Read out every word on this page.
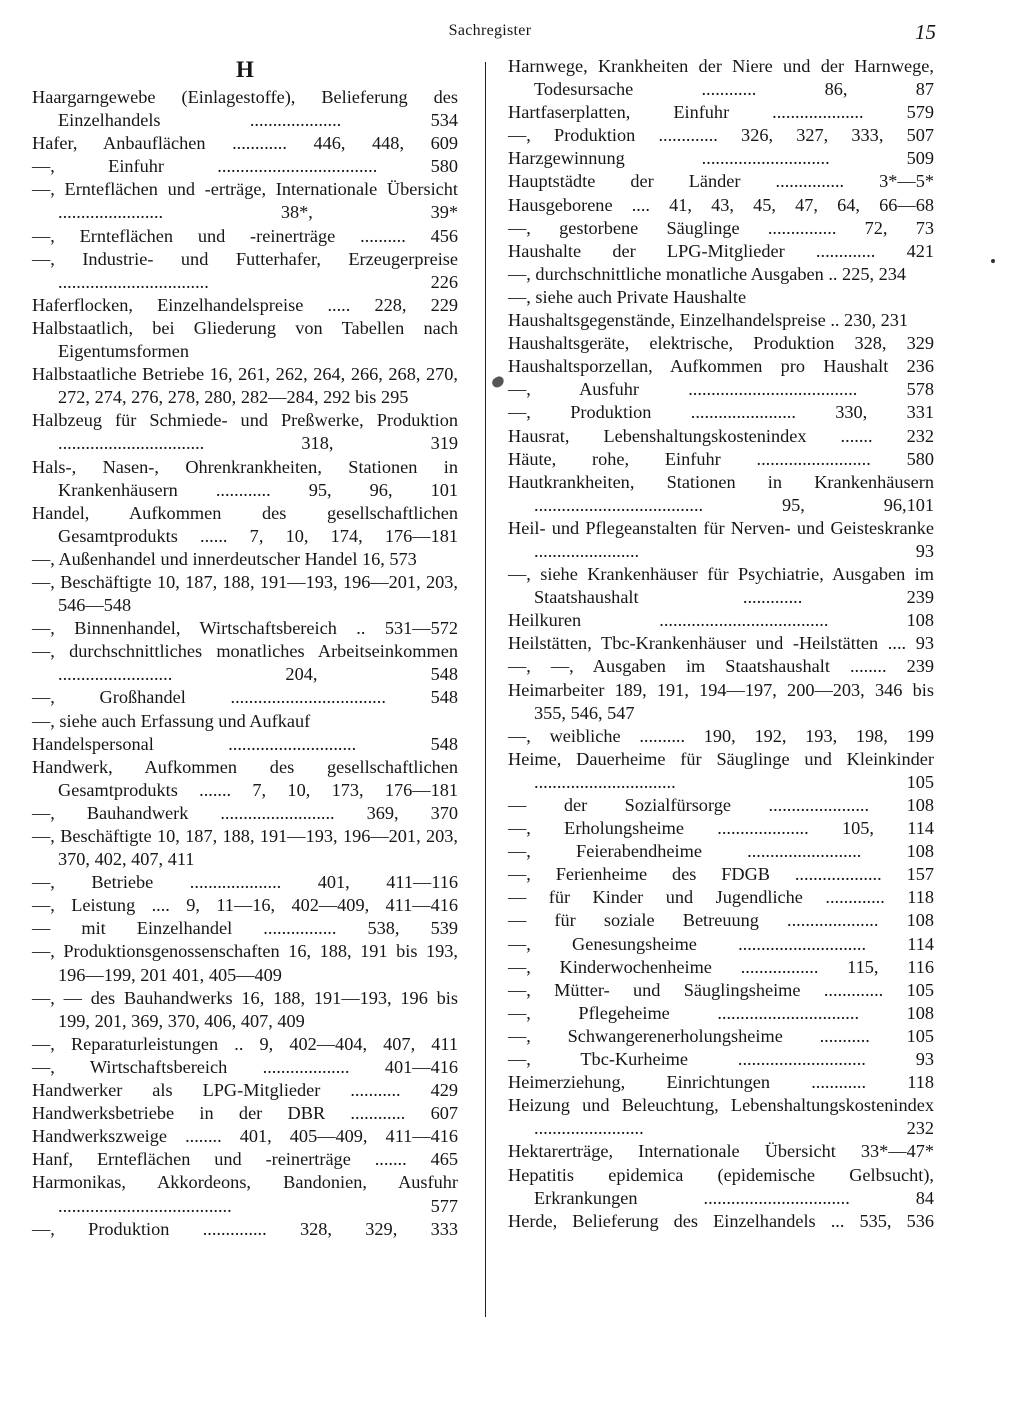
Sachregister	15
H

Haargarngewebe (Einlagestoffe), Belieferung des Einzelhandels .................... 534

Hafer, Anbauflächen ............ 446, 448, 609

—, Einfuhr ................................... 580

—, Ernteflächen und -erträge, Internationale Übersicht ....................... 38*, 39*

—, Ernteflächen und -reinerträge .......... 456

—, Industrie- und Futterhafer, Erzeugerpreise ................................. 226

Haferflocken, Einzelhandelspreise ..... 228, 229

Halbstaatlich, bei Gliederung von Tabellen nach Eigentumsformen

Halbstaatliche Betriebe 16, 261, 262, 264, 266, 268, 270, 272, 274, 276, 278, 280, 282—284, 292 bis 295

Halbzeug für Schmiede- und Preßwerke, Produktion ................................ 318, 319

Hals-, Nasen-, Ohrenkrankheiten, Stationen in Krankenhäusern ............ 95, 96, 101

Handel, Aufkommen des gesellschaftlichen Gesamtprodukts ...... 7, 10, 174, 176—181

—, Außenhandel und innerdeutscher Handel 16, 573

—, Beschäftigte 10, 187, 188, 191—193, 196—201, 203, 546—548

—, Binnenhandel, Wirtschaftsbereich .. 531—572

—, durchschnittliches monatliches Arbeitseinkommen ......................... 204, 548

—, Großhandel .................................. 548

—, siehe auch Erfassung und Aufkauf

Handelspersonal ............................ 548

Handwerk, Aufkommen des gesellschaftlichen Gesamtprodukts ....... 7, 10, 173, 176—181

—, Bauhandwerk ......................... 369, 370

—, Beschäftigte 10, 187, 188, 191—193, 196—201, 203, 370, 402, 407, 411

—, Betriebe .................... 401, 411—116

—, Leistung .... 9, 11—16, 402—409, 411—416

— mit Einzelhandel ................ 538, 539

—, Produktionsgenossenschaften 16, 188, 191 bis 193, 196—199, 201 401, 405—409

—, — des Bauhandwerks 16, 188, 191—193, 196 bis 199, 201, 369, 370, 406, 407, 409

—, Reparaturleistungen .. 9, 402—404, 407, 411

—, Wirtschaftsbereich ................... 401—416

Handwerker als LPG-Mitglieder ........... 429

Handwerksbetriebe in der DBR ............ 607

Handwerkszweige ........ 401, 405—409, 411—416

Hanf, Ernteflächen und -reinerträge ....... 465

Harmonikas, Akkordeons, Bandonien, Ausfuhr ...................................... 577

—, Produktion .............. 328, 329, 333

Harnwege, Krankheiten der Niere und der Harnwege, Todesursache ............ 86, 87

Hartfaserplatten, Einfuhr .................... 579

—, Produktion ............. 326, 327, 333, 507

Harzgewinnung ............................ 509

Hauptstädte der Länder ............... 3*—5*

Hausgeborene .... 41, 43, 45, 47, 64, 66—68

—, gestorbene Säuglinge ............... 72, 73

Haushalte der LPG-Mitglieder ............. 421

—, durchschnittliche monatliche Ausgaben .. 225, 234

—, siehe auch Private Haushalte

Haushaltsgegenstände, Einzelhandelspreise .. 230, 231

Haushaltsgeräte, elektrische, Produktion 328, 329

Haushaltsporzellan, Aufkommen pro Haushalt 236

—, Ausfuhr ..................................... 578

—, Produktion ....................... 330, 331

Hausrat, Lebenshaltungskostenindex ....... 232

Häute, rohe, Einfuhr ......................... 580

Hautkrankheiten, Stationen in Krankenhäusern ..................................... 95, 96,101

Heil- und Pflegeanstalten für Nerven- und Geisteskranke ....................... 93

—, siehe Krankenhäuser für Psychiatrie, Ausgaben im Staatshaushalt ............. 239

Heilkuren ..................................... 108

Heilstätten, Tbc-Krankenhäuser und -Heilstätten .... 93

—, —, Ausgaben im Staatshaushalt ........ 239

Heimarbeiter 189, 191, 194—197, 200—203, 346 bis 355, 546, 547

—, weibliche .......... 190, 192, 193, 198, 199

Heime, Dauerheime für Säuglinge und Kleinkinder ............................... 105

— der Sozialfürsorge ...................... 108

—, Erholungsheime .................... 105, 114

—, Feierabendheime ......................... 108

—, Ferienheime des FDGB ................... 157

— für Kinder und Jugendliche ............. 118

— für soziale Betreuung .................... 108

—, Genesungsheime ............................ 114

—, Kinderwochenheime ................. 115, 116

—, Mütter- und Säuglingsheime ............. 105

—, Pflegeheime ............................... 108

—, Schwangerenerholungsheime ........... 105

—, Tbc-Kurheime ............................ 93

Heimerziehung, Einrichtungen ............ 118

Heizung und Beleuchtung, Lebenshaltungskostenindex ........................ 232

Hektarerträge, Internationale Übersicht 33*—47*

Hepatitis epidemica (epidemische Gelbsucht), Erkrankungen ................................ 84

Herde, Belieferung des Einzelhandels ... 535, 536
